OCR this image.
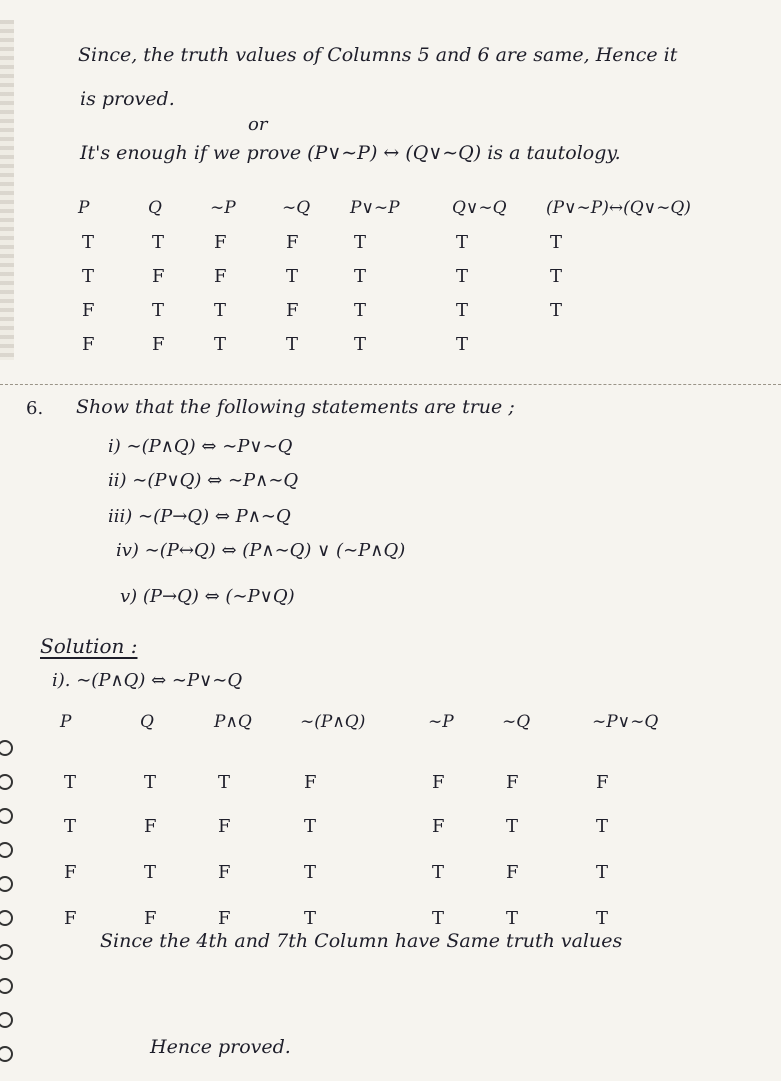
Since, the truth values of Columns 5 and 6 are same, Hence it
is proved.
or
It's enough if we prove (P∨∼P) ↔ (Q∨∼Q) is a tautology.
P	Q	∼P	∼Q P∨∼P	Q∨∼Q (P∨∼P)↔(Q∨∼Q)
T	T	F	F	T	T	T
T	F	F	T	T	T	T
F	T	T	F	T	T	T
F	F	T	T	T	T
6. Show that the following statements are true ;
i) ∼(P∧Q) ⇔ ∼P∨∼Q
ii) ∼(P∨Q) ⇔ ∼P∧∼Q
iii) ∼(P→Q) ⇔ P∧∼Q
iv) ∼(P↔Q) ⇔ (P∧∼Q) ∨ (∼P∧Q)
v) (P→Q) ⇔ (∼P∨Q)
Solution :
i). ∼(P∧Q) ⇔ ∼P∨∼Q
P	Q	P∧Q	∼(P∧Q)	∼P	∼Q	∼P∨∼Q
T	T	T	F	F	F	F
T	F	F	T	F	T	T
F	T	F	T	T	F	T
F	F	F	T	T	T	T
Since the 4th and 7th Column have Same truth values
Hence proved.
